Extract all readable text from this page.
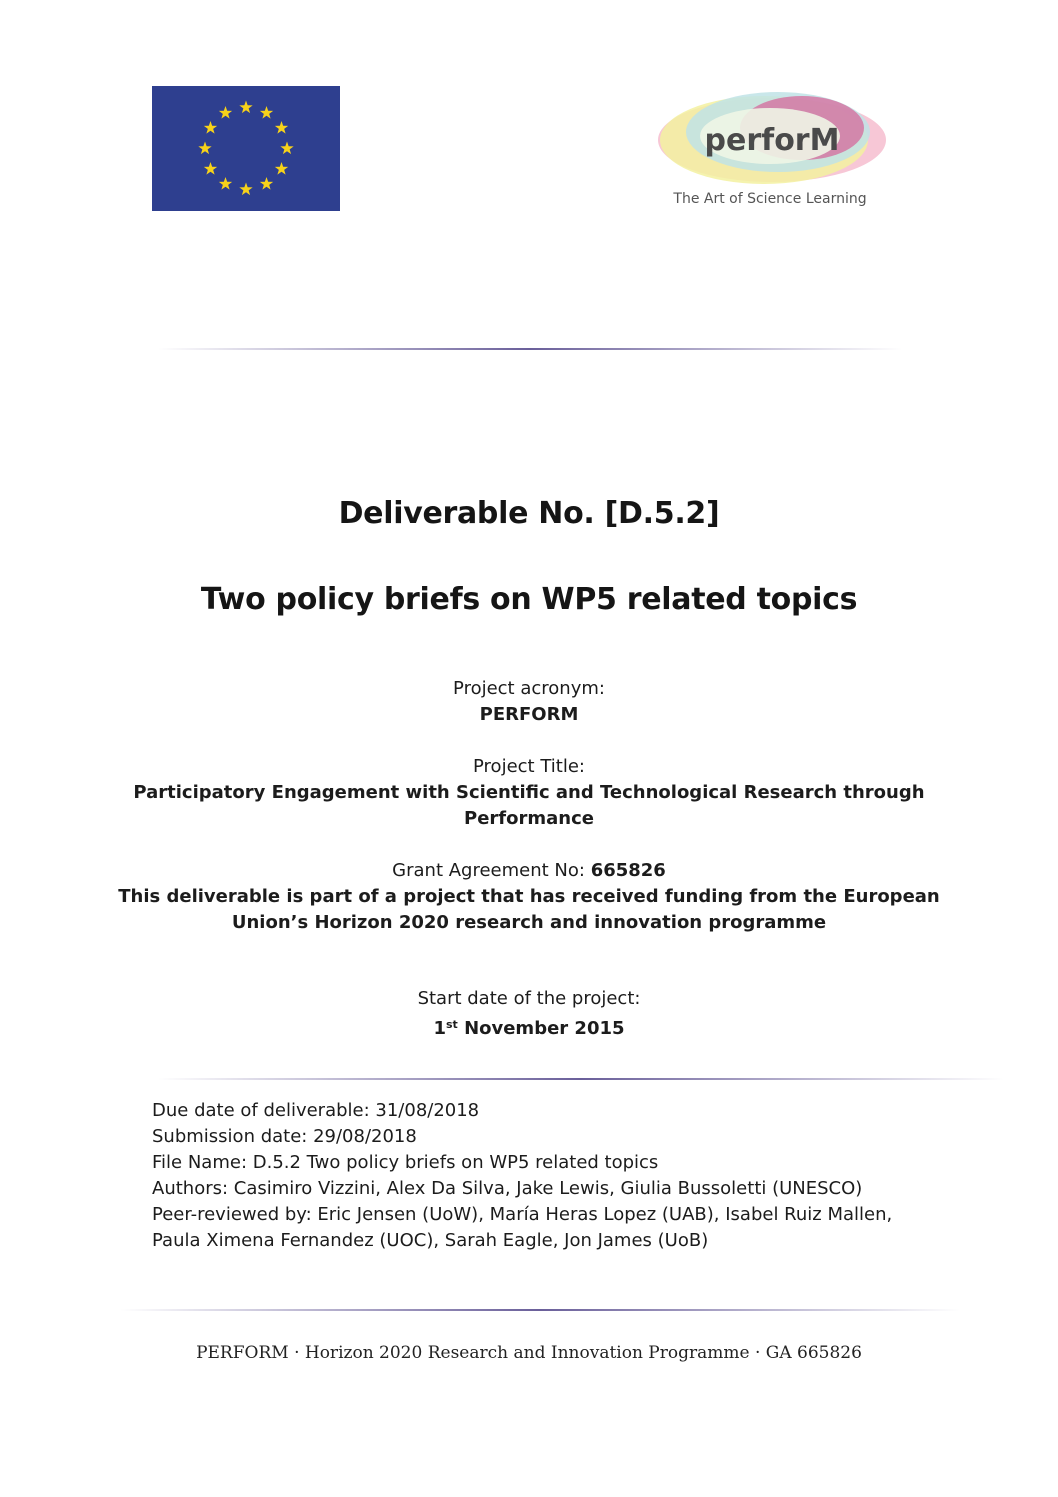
perforM
The Art of Science Learning
Deliverable No. [D.5.2]
Two policy briefs on WP5 related topics
Project acronym:
PERFORM
Project Title:
Participatory Engagement with Scientific and Technological Research through
Performance
Grant Agreement No: 665826
This deliverable is part of a project that has received funding from the European
Union’s Horizon 2020 research and innovation programme
Start date of the project:
1st November 2015
Due date of deliverable: 31/08/2018
Submission date: 29/08/2018
File Name: D.5.2 Two policy briefs on WP5 related topics
Authors: Casimiro Vizzini, Alex Da Silva, Jake Lewis, Giulia Bussoletti (UNESCO)
Peer-reviewed by: Eric Jensen (UoW), María Heras Lopez (UAB), Isabel Ruiz Mallen,
Paula Ximena Fernandez (UOC), Sarah Eagle, Jon James (UoB)
PERFORM · Horizon 2020 Research and Innovation Programme · GA 665826
